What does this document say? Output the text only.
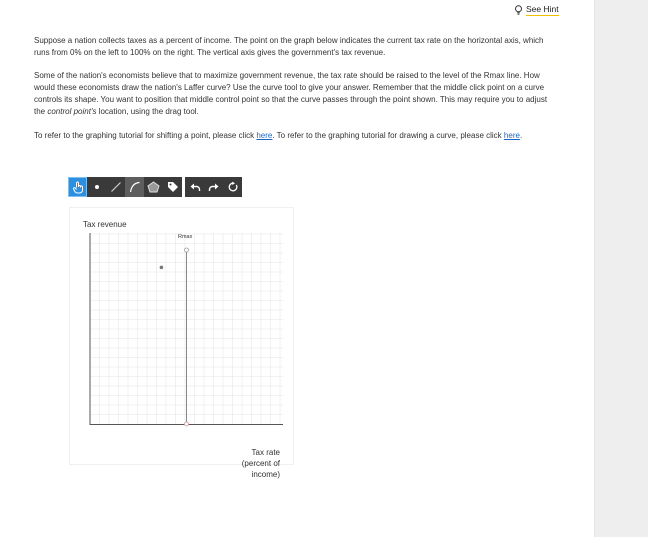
See Hint

Suppose a nation collects taxes as a percent of income. The point on the graph below indicates the current tax rate on the horizontal axis, which runs from 0% on the left to 100% on the right. The vertical axis gives the government's tax revenue.

Some of the nation's economists believe that to maximize government revenue, the tax rate should be raised to the level of the Rmax line. How would these economists draw the nation's Laffer curve? Use the curve tool to give your answer. Remember that the middle click point on a curve controls its shape. You want to position that middle control point so that the curve passes through the point shown. This may require you to adjust the control point's location, using the drag tool.

To refer to the graphing tutorial for shifting a point, please click here. To refer to the graphing tutorial for drawing a curve, please click here.

Tax revenue
Rmax
Tax rate (percent of income)
